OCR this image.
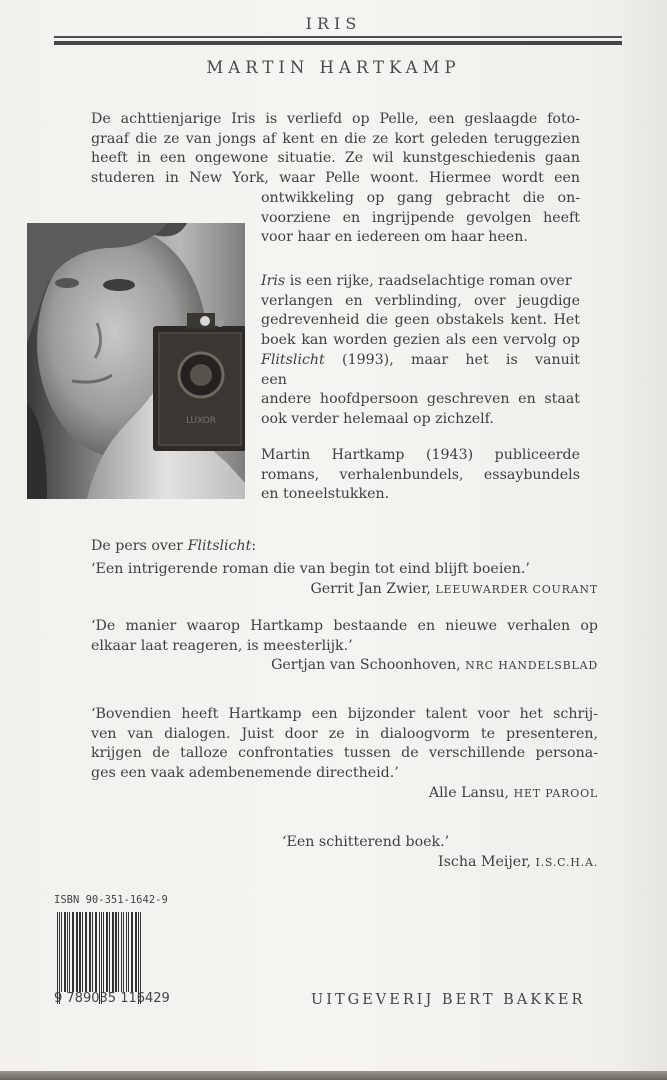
IRIS
MARTIN HARTKAMP

De achttienjarige Iris is verliefd op Pelle, een geslaagde foto-

graaf die ze van jongs af kent en die ze kort geleden teruggezien

heeft in een ongewone situatie. Ze wil kunstgeschiedenis gaan

studeren in New York, waar Pelle woont. Hiermee wordt een

ontwikkeling op gang gebracht die on-

voorziene en ingrijpende gevolgen heeft

voor haar en iedereen om haar heen.

LUXOR

Iris is een rijke, raadselachtige roman over

verlangen en verblinding, over jeugdige

gedrevenheid die geen obstakels kent. Het

boek kan worden gezien als een vervolg op

Flitslicht (1993), maar het is vanuit een

andere hoofdpersoon geschreven en staat

ook verder helemaal op zichzelf.

Martin Hartkamp (1943) publiceerde

romans, verhalenbundels, essaybundels

en toneelstukken.

De pers over Flitslicht:
‘Een intrigerende roman die van begin tot eind blijft boeien.’
Gerrit Jan Zwier, LEEUWARDER COURANT
‘De manier waarop Hartkamp bestaande en nieuwe verhalen op
elkaar laat reageren, is meesterlijk.’
Gertjan van Schoonhoven, NRC HANDELSBLAD
‘Bovendien heeft Hartkamp een bijzonder talent voor het schrij-
ven van dialogen. Juist door ze in dialoogvorm te presenteren,
krijgen de talloze confrontaties tussen de verschillende persona-
ges een vaak adembenemende directheid.’
Alle Lansu, HET PAROOL
‘Een schitterend boek.’
Ischa Meijer, I.S.C.H.A.
ISBN 90-351-1642-9
9 789035 116429	UITGEVERIJ BERT BAKKER
